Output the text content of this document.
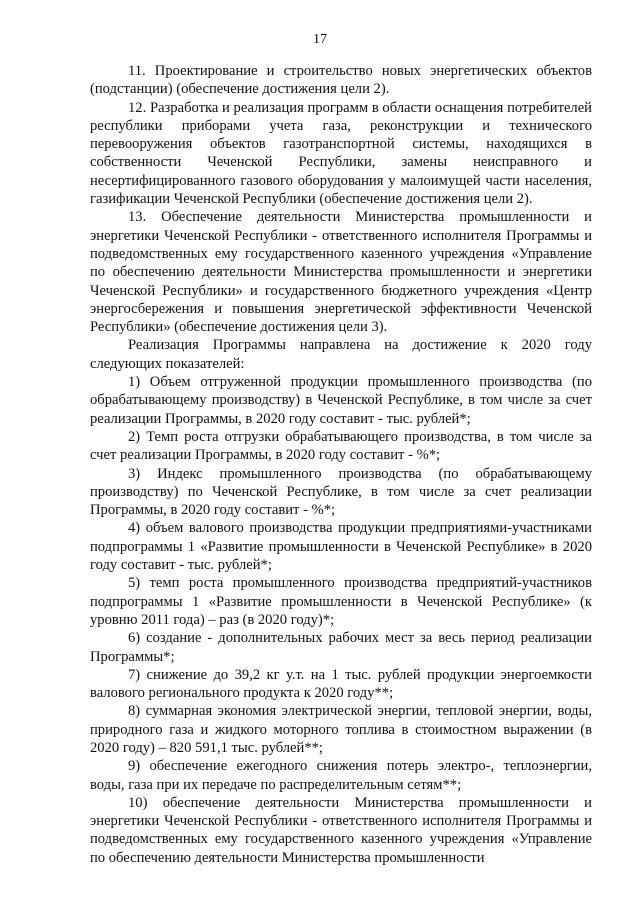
17

11. Проектирование и строительство новых энергетических объектов (подстанции) (обеспечение достижения цели 2).

12. Разработка и реализация программ в области оснащения потребителей республики приборами учета газа, реконструкции и технического перевооружения объектов газотранспортной системы, находящихся в собственности Чеченской Республики, замены неисправного и несертифицированного газового оборудования у малоимущей части населения, газификации Чеченской Республики (обеспечение достижения цели 2).

13. Обеспечение деятельности Министерства промышленности и энергетики Чеченской Республики - ответственного исполнителя Программы и подведомственных ему государственного казенного учреждения «Управление по обеспечению деятельности Министерства промышленности и энергетики Чеченской Республики» и государственного бюджетного учреждения «Центр энергосбережения и повышения энергетической эффективности Чеченской Республики» (обеспечение достижения цели 3).

Реализация Программы направлена на достижение к 2020 году следующих показателей:

1) Объем отгруженной продукции промышленного производства (по обрабатывающему производству) в Чеченской Республике, в том числе за счет реализации Программы, в 2020 году составит - тыс. рублей*;

2) Темп роста отгрузки обрабатывающего производства, в том числе за счет реализации Программы, в 2020 году составит - %*;

3) Индекс промышленного производства (по обрабатывающему производству) по Чеченской Республике, в том числе за счет реализации Программы, в 2020 году составит - %*;

4) объем валового производства продукции предприятиями-участниками подпрограммы 1 «Развитие промышленности в Чеченской Республике» в 2020 году составит - тыс. рублей*;

5) темп роста промышленного производства предприятий-участников подпрограммы 1 «Развитие промышленности в Чеченской Республике» (к уровню 2011 года) – раз (в 2020 году)*;

6) создание - дополнительных рабочих мест за весь период реализации Программы*;

7) снижение до 39,2 кг у.т. на 1 тыс. рублей продукции энергоемкости валового регионального продукта к 2020 году**;

8) суммарная экономия электрической энергии, тепловой энергии, воды, природного газа и жидкого моторного топлива в стоимостном выражении (в 2020 году) – 820 591,1 тыс. рублей**;

9) обеспечение ежегодного снижения потерь электро-, теплоэнергии, воды, газа при их передаче по распределительным сетям**;

10) обеспечение деятельности Министерства промышленности и энергетики Чеченской Республики - ответственного исполнителя Программы и подведомственных ему государственного казенного учреждения «Управление по обеспечению деятельности Министерства промышленности
